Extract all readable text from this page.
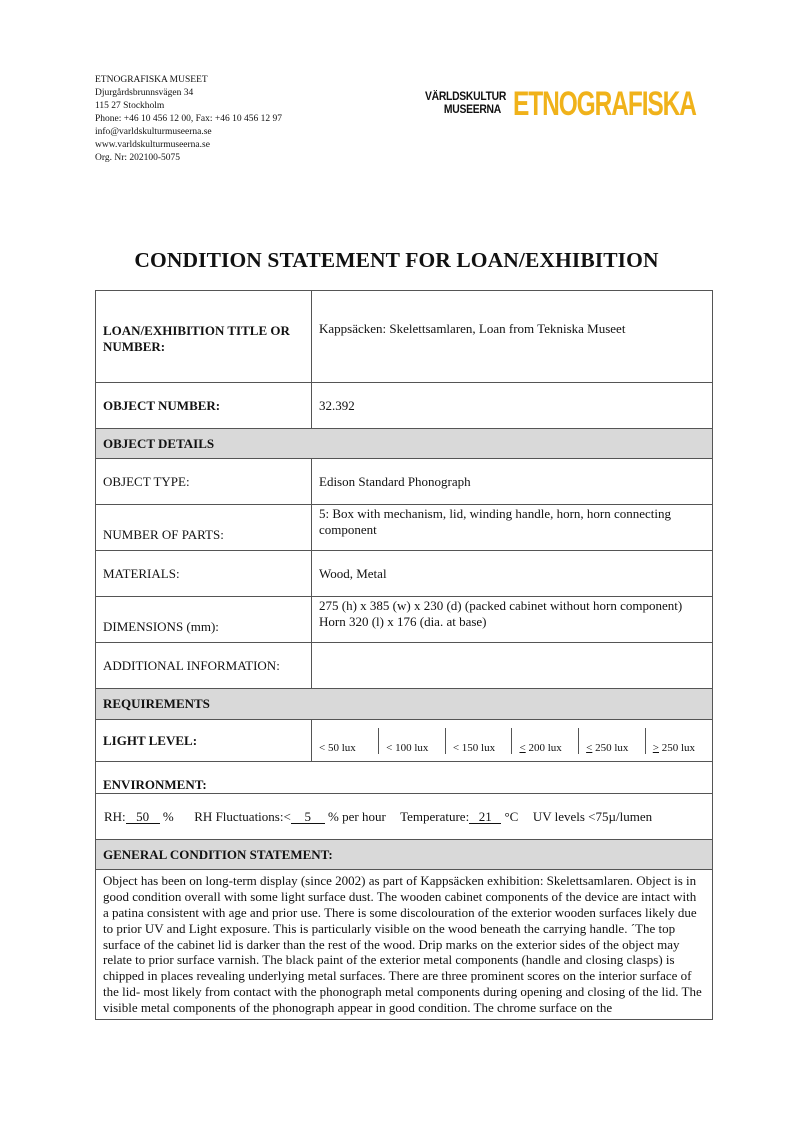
ETNOGRAFISKA MUSEET
Djurgårdsbrunnsvägen 34
115 27 Stockholm
Phone: +46 10 456 12 00, Fax: +46 10 456 12 97
info@varldskulturmuseerna.se
www.varldskulturmuseerna.se
Org. Nr: 202100-5075
VÄRLDSKULTUR
MUSEERNA ETNOGRAFISKA
CONDITION STATEMENT FOR LOAN/EXHIBITION
LOAN/EXHIBITION TITLE OR NUMBER:	Kappsäcken: Skelettsamlaren, Loan from Tekniska Museet
OBJECT NUMBER:	32.392
OBJECT DETAILS
OBJECT TYPE:	Edison Standard Phonograph
NUMBER OF PARTS:	5: Box with mechanism, lid, winding handle, horn, horn connecting component
MATERIALS:	Wood, Metal
DIMENSIONS (mm):	275 (h) x 385 (w) x 230 (d) (packed cabinet without horn component) Horn 320 (l) x 176 (dia. at base)
ADDITIONAL INFORMATION:	
REQUIREMENTS
LIGHT LEVEL:		< 50 lux	< 100 lux	< 150 lux	< 200 lux	< 250 lux	> 250 lux

ENVIRONMENT:
RH: 50 % RH Fluctuations:< 5 % per hour Temperature: 21 °C UV levels <75µ/lumen
GENERAL CONDITION STATEMENT:
Object has been on long-term display (since 2002) as part of Kappsäcken exhibition: Skelettsamlaren. Object is in good condition overall with some light surface dust. The wooden cabinet components of the device are intact with a patina consistent with age and prior use. There is some discolouration of the exterior wooden surfaces likely due to prior UV and Light exposure. This is particularly visible on the wood beneath the carrying handle. ´The top surface of the cabinet lid is darker than the rest of the wood. Drip marks on the exterior sides of the object may relate to prior surface varnish. The black paint of the exterior metal components (handle and closing clasps) is chipped in places revealing underlying metal surfaces. There are three prominent scores on the interior surface of the lid- most likely from contact with the phonograph metal components during opening and closing of the lid. The visible metal components of the phonograph appear in good condition. The chrome surface on the
